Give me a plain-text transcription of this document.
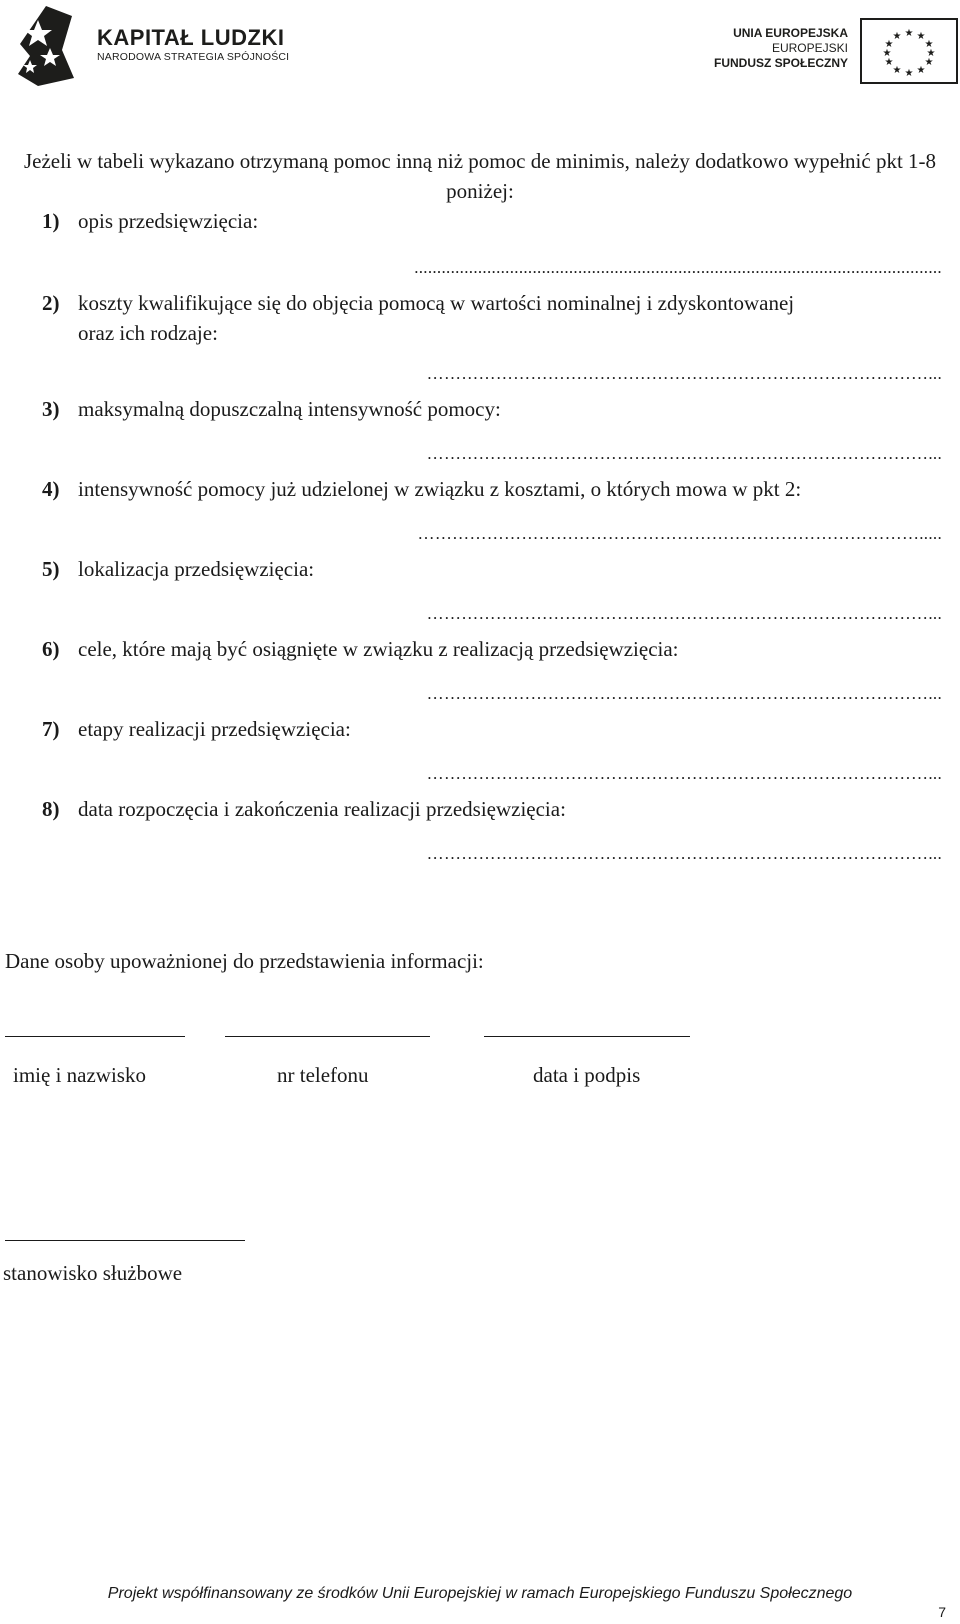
KAPITAŁ LUDZKI
NARODOWA STRATEGIA SPÓJNOŚCI
UNIA EUROPEJSKA
EUROPEJSKI
FUNDUSZ SPOŁECZNY
★ ★
★
★
★
★
★
★
★
★
★
★
Jeżeli w tabeli wykazano otrzymaną pomoc inną niż pomoc de minimis, należy dodatkowo wypełnić pkt 1-8 poniżej:
1) opis przedsięwzięcia:
....................................................................................................................
2) koszty kwalifikujące się do objęcia pomocą w wartości nominalnej i zdyskontowanej
oraz ich rodzaje:
……………………………………………………………………………...
3) maksymalną dopuszczalną intensywność pomocy:
……………………………………………………………………………...
4) intensywność pomocy już udzielonej w związku z kosztami, o których mowa w pkt 2:
…………………………………………………………………………….....
5) lokalizacja przedsięwzięcia:
……………………………………………………………………………...
6) cele, które mają być osiągnięte w związku z realizacją przedsięwzięcia:
……………………………………………………………………………...
7) etapy realizacji przedsięwzięcia:
……………………………………………………………………………...
8) data rozpoczęcia i zakończenia realizacji przedsięwzięcia:
……………………………………………………………………………...
Dane osoby upoważnionej do przedstawienia informacji:
imię i nazwisko	nr telefonu	data i podpis
stanowisko służbowe
Projekt współfinansowany ze środków Unii Europejskiej w ramach Europejskiego Funduszu Społecznego
7
